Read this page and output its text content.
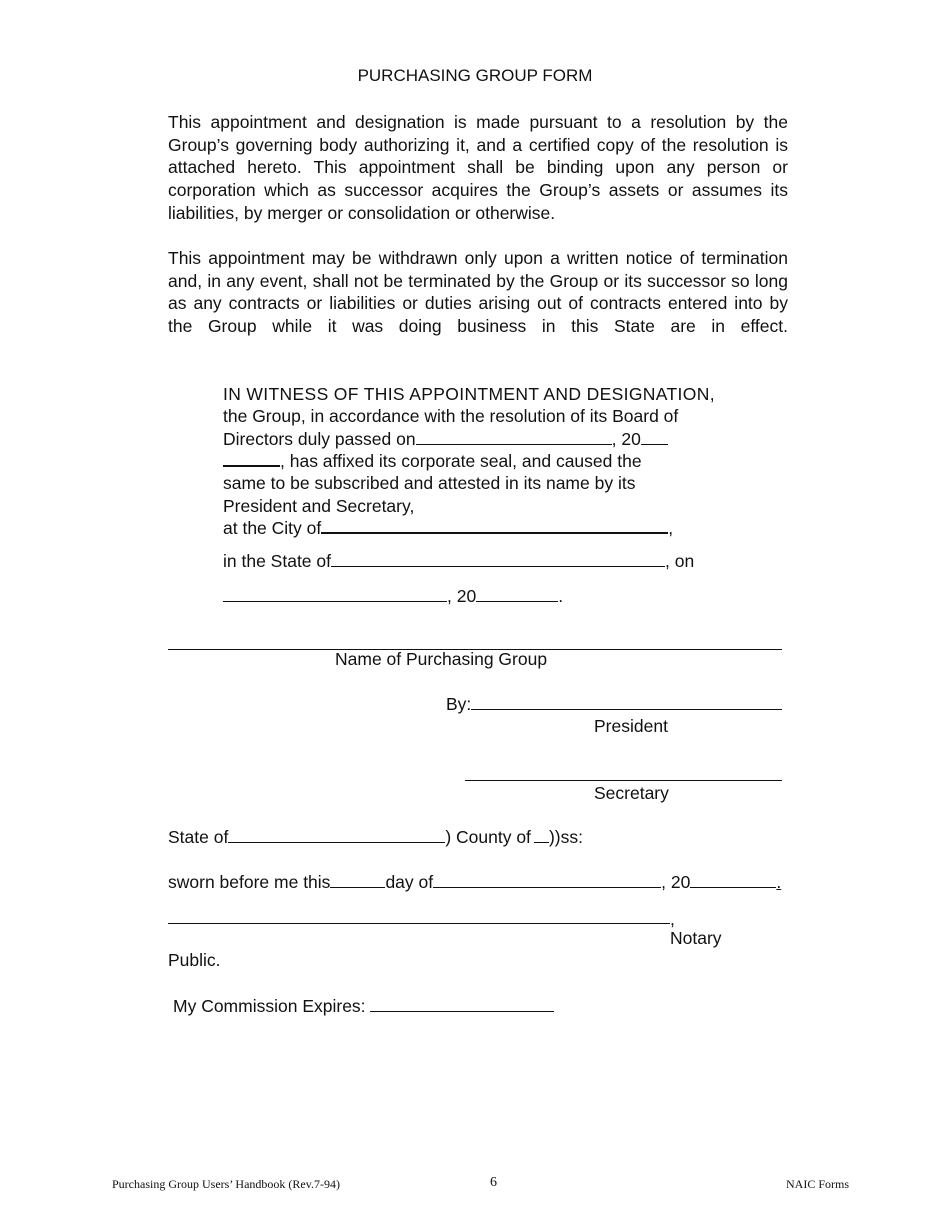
PURCHASING GROUP FORM
This appointment and designation is made pursuant to a resolution by the Group’s governing body authorizing it, and a certified copy of the resolution is attached hereto. This appointment shall be binding upon any person or corporation which as successor acquires the Group’s assets or assumes its liabilities, by merger or consolidation or otherwise.
This appointment may be withdrawn only upon a written notice of termination and, in any event, shall not be terminated by the Group or its successor so long as any contracts or liabilities or duties arising out of contracts entered into by the Group while it was doing business in this State are in effect.
IN WITNESS OF THIS APPOINTMENT AND DESIGNATION,
the Group, in accordance with the resolution of its Board of
Directors duly passed on	, 20
, has affixed its corporate seal, and caused the
same to be subscribed and attested in its name by its
President and Secretary,
at the City of	,
in the State of	, on
, 20	.
Name of Purchasing Group
By:
President
Secretary
State of	) County of ))ss:
sworn before me this	day of	, 20	.
,
Notary
Public.
My Commission Expires:
Purchasing Group Users’ Handbook (Rev.7-94)	6	NAIC Forms
